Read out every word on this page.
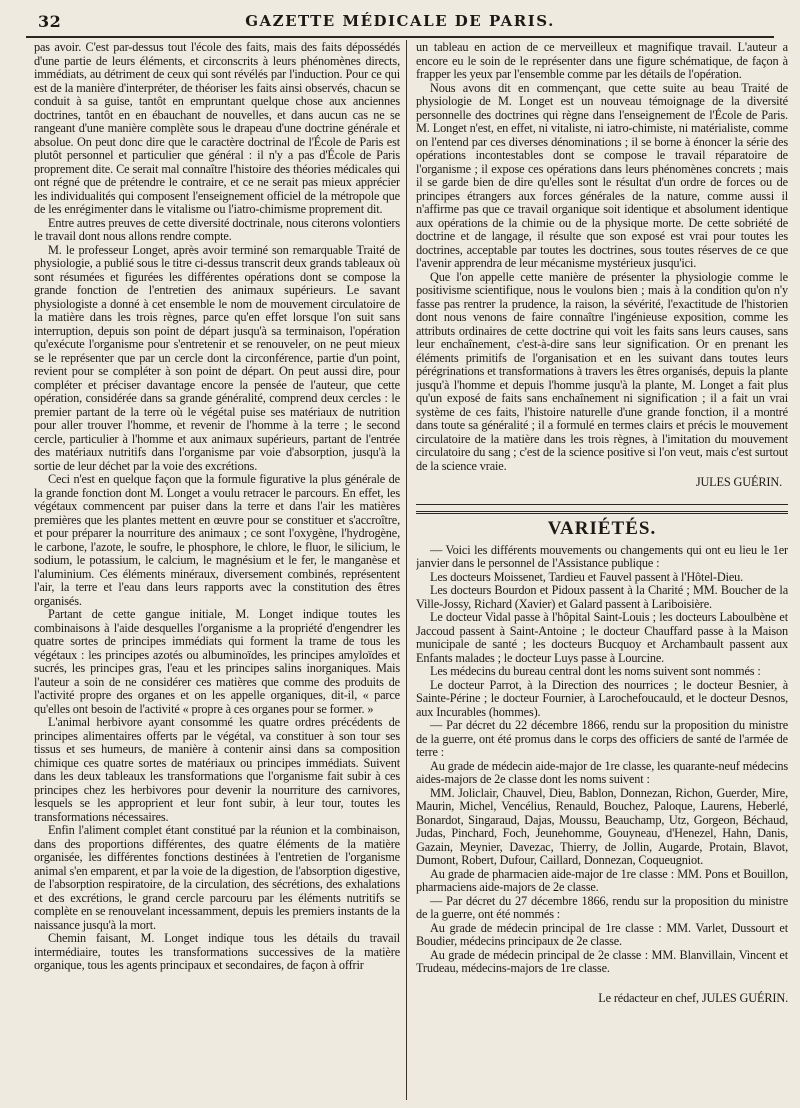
32	GAZETTE MÉDICALE DE PARIS.

pas avoir. C'est par-dessus tout l'école des faits, mais des faits dépossédés d'une partie de leurs éléments, et circonscrits à leurs phénomènes directs, immédiats, au détriment de ceux qui sont révélés par l'induction. Pour ce qui est de la manière d'interpréter, de théoriser les faits ainsi observés, chacun se conduit à sa guise, tantôt en empruntant quelque chose aux anciennes doctrines, tantôt en en ébauchant de nouvelles, et dans aucun cas ne se rangeant d'une manière complète sous le drapeau d'une doctrine générale et absolue. On peut donc dire que le caractère doctrinal de l'École de Paris est plutôt personnel et particulier que général : il n'y a pas d'École de Paris proprement dite. Ce serait mal connaître l'histoire des théories médicales qui ont régné que de prétendre le contraire, et ce ne serait pas mieux apprécier les individualités qui composent l'enseignement officiel de la métropole que de les enrégimenter dans le vitalisme ou l'iatro-chimisme proprement dit.

Entre autres preuves de cette diversité doctrinale, nous citerons volontiers le travail dont nous allons rendre compte.

M. le professeur Longet, après avoir terminé son remarquable Traité de physiologie, a publié sous le titre ci-dessus transcrit deux grands tableaux où sont résumées et figurées les différentes opérations dont se compose la grande fonction de l'entretien des animaux supérieurs. Le savant physiologiste a donné à cet ensemble le nom de mouvement circulatoire de la matière dans les trois règnes, parce qu'en effet lorsque l'on suit sans interruption, depuis son point de départ jusqu'à sa terminaison, l'opération qu'exécute l'organisme pour s'entretenir et se renouveler, on ne peut mieux se le représenter que par un cercle dont la circonférence, partie d'un point, revient pour se compléter à son point de départ. On peut aussi dire, pour compléter et préciser davantage encore la pensée de l'auteur, que cette opération, considérée dans sa grande généralité, comprend deux cercles : le premier partant de la terre où le végétal puise ses matériaux de nutrition pour aller trouver l'homme, et revenir de l'homme à la terre ; le second cercle, particulier à l'homme et aux animaux supérieurs, partant de l'entrée des matériaux nutritifs dans l'organisme par voie d'absorption, jusqu'à la sortie de leur déchet par la voie des excrétions.

Ceci n'est en quelque façon que la formule figurative la plus générale de la grande fonction dont M. Longet a voulu retracer le parcours. En effet, les végétaux commencent par puiser dans la terre et dans l'air les matières premières que les plantes mettent en œuvre pour se constituer et s'accroître, et pour préparer la nourriture des animaux ; ce sont l'oxygène, l'hydrogène, le carbone, l'azote, le soufre, le phosphore, le chlore, le fluor, le silicium, le sodium, le potassium, le calcium, le magnésium et le fer, le manganèse et l'aluminium. Ces éléments minéraux, diversement combinés, représentent l'air, la terre et l'eau dans leurs rapports avec la constitution des êtres organisés.

Partant de cette gangue initiale, M. Longet indique toutes les combinaisons à l'aide desquelles l'organisme a la propriété d'engendrer les quatre sortes de principes immédiats qui forment la trame de tous les végétaux : les principes azotés ou albuminoïdes, les principes amyloïdes et sucrés, les principes gras, l'eau et les principes salins inorganiques. Mais l'auteur a soin de ne considérer ces matières que comme des produits de l'activité propre des organes et on les appelle organiques, dit-il, « parce qu'elles ont besoin de l'activité « propre à ces organes pour se former. »

L'animal herbivore ayant consommé les quatre ordres précédents de principes alimentaires offerts par le végétal, va constituer à son tour ses tissus et ses humeurs, de manière à contenir ainsi dans sa composition chimique ces quatre sortes de matériaux ou principes immédiats. Suivent dans les deux tableaux les transformations que l'organisme fait subir à ces principes chez les herbivores pour devenir la nourriture des carnivores, lesquels se les approprient et leur font subir, à leur tour, toutes les transformations nécessaires.

Enfin l'aliment complet étant constitué par la réunion et la combinaison, dans des proportions différentes, des quatre éléments de la matière organisée, les différentes fonctions destinées à l'entretien de l'organisme animal s'en emparent, et par la voie de la digestion, de l'absorption digestive, de l'absorption respiratoire, de la circulation, des sécrétions, des exhalations et des excrétions, le grand cercle parcouru par les éléments nutritifs se complète en se renouvelant incessamment, depuis les premiers instants de la naissance jusqu'à la mort.

Chemin faisant, M. Longet indique tous les détails du travail intermédiaire, toutes les transformations successives de la matière organique, tous les agents principaux et secondaires, de façon à offrir

un tableau en action de ce merveilleux et magnifique travail. L'auteur a encore eu le soin de le représenter dans une figure schématique, de façon à frapper les yeux par l'ensemble comme par les détails de l'opération.

Nous avons dit en commençant, que cette suite au beau Traité de physiologie de M. Longet est un nouveau témoignage de la diversité personnelle des doctrines qui règne dans l'enseignement de l'École de Paris. M. Longet n'est, en effet, ni vitaliste, ni iatro-chimiste, ni matérialiste, comme on l'entend par ces diverses dénominations ; il se borne à énoncer la série des opérations incontestables dont se compose le travail réparatoire de l'organisme ; il expose ces opérations dans leurs phénomènes concrets ; mais il se garde bien de dire qu'elles sont le résultat d'un ordre de forces ou de principes étrangers aux forces générales de la nature, comme aussi il n'affirme pas que ce travail organique soit identique et absolument identique aux opérations de la chimie ou de la physique morte. De cette sobriété de doctrine et de langage, il résulte que son exposé est vrai pour toutes les doctrines, acceptable par toutes les doctrines, sous toutes réserves de ce que l'avenir apprendra de leur mécanisme mystérieux jusqu'ici.

Que l'on appelle cette manière de présenter la physiologie comme le positivisme scientifique, nous le voulons bien ; mais à la condition qu'on n'y fasse pas rentrer la prudence, la raison, la sévérité, l'exactitude de l'historien dont nous venons de faire connaître l'ingénieuse exposition, comme les attributs ordinaires de cette doctrine qui voit les faits sans leurs causes, sans leur enchaînement, c'est-à-dire sans leur signification. Or en prenant les éléments primitifs de l'organisation et en les suivant dans toutes leurs pérégrinations et transformations à travers les êtres organisés, depuis la plante jusqu'à l'homme et depuis l'homme jusqu'à la plante, M. Longet a fait plus qu'un exposé de faits sans enchaînement ni signification ; il a fait un vrai système de ces faits, l'histoire naturelle d'une grande fonction, il a montré dans toute sa généralité ; il a formulé en termes clairs et précis le mouvement circulatoire de la matière dans les trois règnes, à l'imitation du mouvement circulatoire du sang ; c'est de la science positive si l'on veut, mais c'est surtout de la science vraie.

JULES GUÉRIN.
VARIÉTÉS.

— Voici les différents mouvements ou changements qui ont eu lieu le 1er janvier dans le personnel de l'Assistance publique :

Les docteurs Moissenet, Tardieu et Fauvel passent à l'Hôtel-Dieu.

Les docteurs Bourdon et Pidoux passent à la Charité ; MM. Boucher de la Ville-Jossy, Richard (Xavier) et Galard passent à Lariboisière.

Le docteur Vidal passe à l'hôpital Saint-Louis ; les docteurs Laboulbène et Jaccoud passent à Saint-Antoine ; le docteur Chauffard passe à la Maison municipale de santé ; les docteurs Bucquoy et Archambault passent aux Enfants malades ; le docteur Luys passe à Lourcine.

Les médecins du bureau central dont les noms suivent sont nommés :

Le docteur Parrot, à la Direction des nourrices ; le docteur Besnier, à Sainte-Périne ; le docteur Fournier, à Larochefoucauld, et le docteur Desnos, aux Incurables (hommes).

— Par décret du 22 décembre 1866, rendu sur la proposition du ministre de la guerre, ont été promus dans le corps des officiers de santé de l'armée de terre :

Au grade de médecin aide-major de 1re classe, les quarante-neuf médecins aides-majors de 2e classe dont les noms suivent :

MM. Joliclair, Chauvel, Dieu, Bablon, Donnezan, Richon, Guerder, Mire, Maurin, Michel, Vencélius, Renauld, Bouchez, Paloque, Laurens, Heberlé, Bonardot, Singaraud, Dajas, Moussu, Beauchamp, Utz, Gorgeon, Béchaud, Judas, Pinchard, Foch, Jeunehomme, Gouyneau, d'Henezel, Hahn, Danis, Gazain, Meynier, Davezac, Thierry, de Jollin, Augarde, Protain, Blavot, Dumont, Robert, Dufour, Caillard, Donnezan, Coqueugniot.

Au grade de pharmacien aide-major de 1re classe : MM. Pons et Bouillon, pharmaciens aide-majors de 2e classe.

— Par décret du 27 décembre 1866, rendu sur la proposition du ministre de la guerre, ont été nommés :

Au grade de médecin principal de 1re classe : MM. Varlet, Dussourt et Boudier, médecins principaux de 2e classe.

Au grade de médecin principal de 2e classe : MM. Blanvillain, Vincent et Trudeau, médecins-majors de 1re classe.

Le rédacteur en chef, JULES GUÉRIN.
